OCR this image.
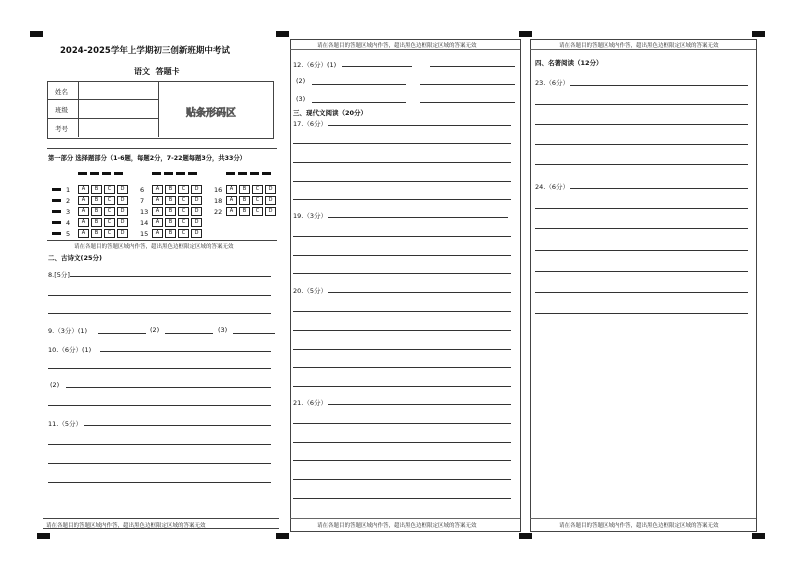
2024-2025学年上学期初三创新班期中考试
语文  答题卡
姓名
班级
考号
贴条形码区
第一部分 选择题部分（1-6题，每题2分，7-22题每题3分，共33分）
1	A	B	C	D
2	A	B	C	D
3	A	B	C	D
4	A	B	C	D
5	A	B	C	D
6	A	B	C	D
7	A	B	C	D
13	A	B	C	D
14	A	B	C	D
15	A	B	C	D
16	A	B	C	D
18	A	B	C	D
22	A	B	C	D
请在各题目的答题区域内作答，超出黑色边框限定区域的答案无效
二、古诗文(25分)
8.[5分]
9.（3分）(1)	(2)	(3)
10.（6分）(1)
(2)
11.（5分）
请在各题目的答题区域内作答，超出黑色边框限定区域的答案无效
请在各题目的答题区域内作答，超出黑色边框限定区域的答案无效
12.（6分）(1)
(2)
(3)
三、现代文阅读（20分）
17.（6分）
19.（3分）
20.（5分）
21.（6分）
请在各题目的答题区域内作答，超出黑色边框限定区域的答案无效
请在各题目的答题区域内作答，超出黑色边框限定区域的答案无效
四、名著阅读（12分）
23.（6分）
24.（6分）
请在各题目的答题区域内作答，超出黑色边框限定区域的答案无效
